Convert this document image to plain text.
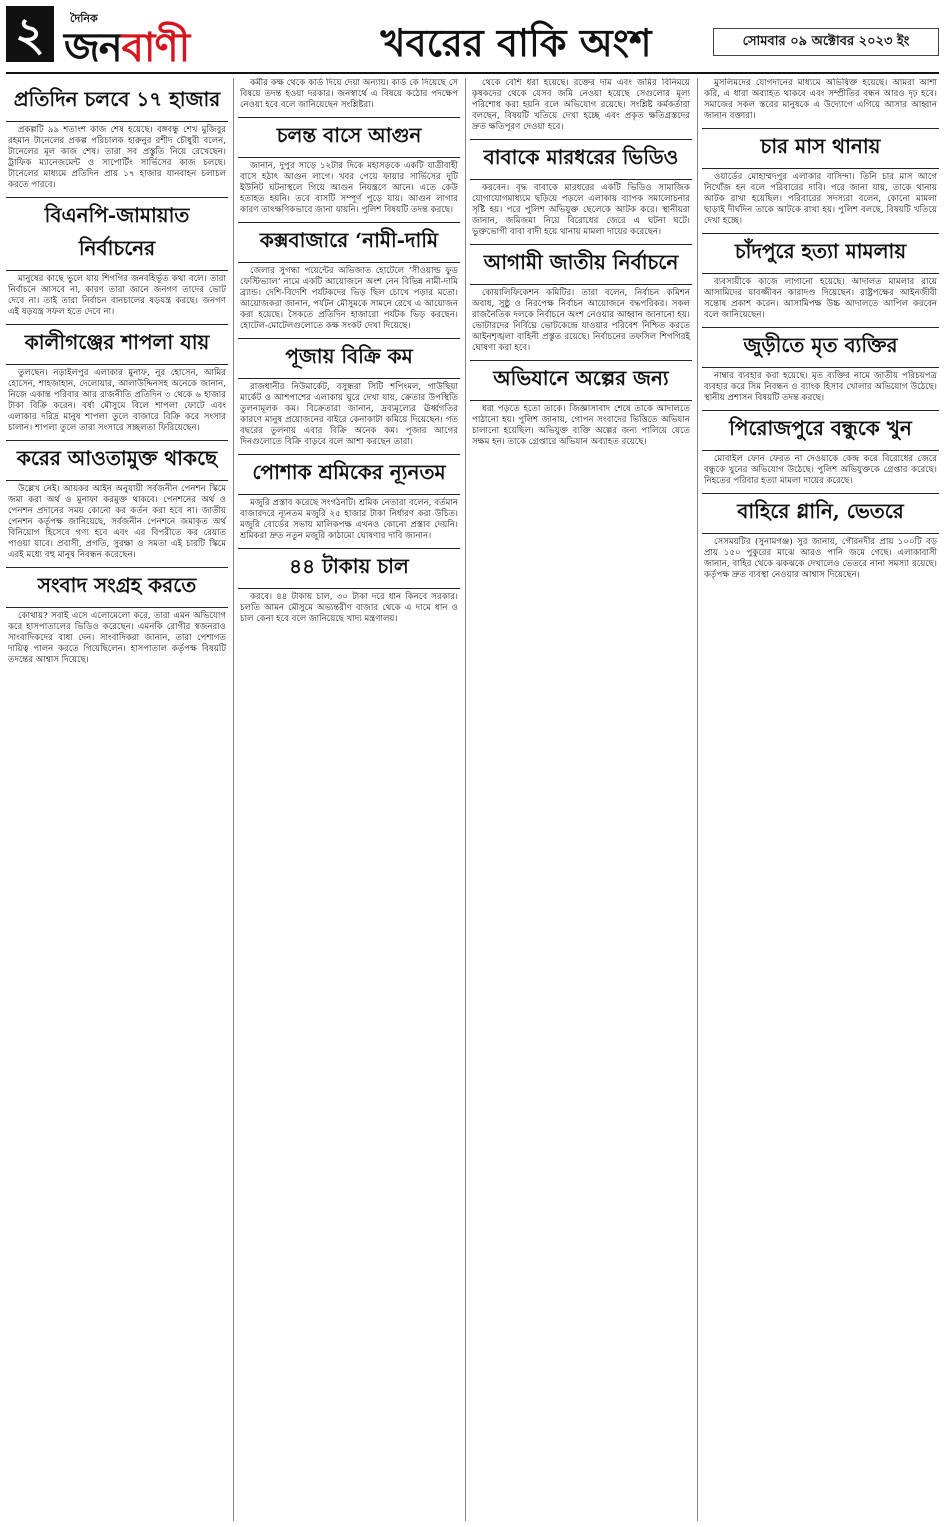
২	দৈনিক
জনবাণী	খবরের বাকি অংশ	সোমবার ০৯ অক্টোবর ২০২৩ ইং
প্রতিদিন চলবে ১৭ হাজার

প্রকল্পটি ৯৯ শতাংশ কাজ শেষ হয়েছে। বঙ্গবন্ধু শেখ মুজিবুর রহমান টানেলের প্রকল্প পরিচালক হারুনুর রশীদ চৌধুরী বলেন, টানেলের মূল কাজ শেষ। তারা সব প্রস্তুতি নিয়ে রেখেছেন। ট্রাফিক ম্যানেজমেন্ট ও সাপোর্টিং সার্ভিসের কাজ চলছে। টানেলের মাধ্যমে প্রতিদিন প্রায় ১৭ হাজার যানবাহন চলাচল করতে পারবে।

বিএনপি-জামায়াত নির্বাচনের

মানুষের কাছে ভুলে যায় শিগগির জনবহির্ভূত কথা বলে। তারা নির্বাচনে আসবে না, কারণ তারা জানে জনগণ তাদের ভোট দেবে না। তাই তারা নির্বাচন বানচালের ষড়যন্ত্র করছে। জনগণ এই ষড়যন্ত্র সফল হতে দেবে না।

কালীগঞ্জের শাপলা যায়

তুলছেন। নড়াইলপুর এলাকার মুনাফ, নুর হোসেন, আমির হোসেন, শাহজাহান, দেলোয়ার, আলাউদ্দিনসহ অনেকে জানান, নিজে একান্ত পরিবার আর রাজনীতি প্রতিদিন ৩ থেকে ৬ হাজার টাকা বিক্রি করেন। বর্ষা মৌসুমে বিলে শাপলা ফোটে এবং এলাকার দরিদ্র মানুষ শাপলা তুলে বাজারে বিক্রি করে সংসার চালান। শাপলা তুলে তারা সংসারে সচ্ছলতা ফিরিয়েছেন।

করের আওতামুক্ত থাকছে

উল্লেখ নেই। আয়কর আইন অনুযায়ী সর্বজনীন পেনশন স্কিমে জমা করা অর্থ ও মুনাফা করমুক্ত থাকবে। পেনশনের অর্থ ও পেনশন প্রদানের সময় কোনো কর কর্তন করা হবে না। জাতীয় পেনশন কর্তৃপক্ষ জানিয়েছে, সর্বজনীন পেনশনে জমাকৃত অর্থ বিনিয়োগ হিসেবে গণ্য হবে এবং এর বিপরীতে কর রেয়াত পাওয়া যাবে। প্রবাসী, প্রগতি, সুরক্ষা ও সমতা এই চারটি স্কিমে এরই মধ্যে বহু মানুষ নিবন্ধন করেছেন।

সংবাদ সংগ্রহ করতে

কোথায়? সবাই এসে এলোমেলো করে, তারা এমন অভিযোগ করে হাসপাতালের ভিডিও করেছেন। এমনকি রোগীর স্বজনরাও সাংবাদিকদের বাধা দেন। সাংবাদিকরা জানান, তারা পেশাগত দায়িত্ব পালন করতে গিয়েছিলেন। হাসপাতাল কর্তৃপক্ষ বিষয়টি তদন্তের আশ্বাস দিয়েছে।

কর্মীর কক্ষ থেকে কার্ড দিয়ে দেয়া অন্যায়। কার্ড কে দিয়েছে সে বিষয়ে তদন্ত হওয়া দরকার। জনস্বার্থে এ বিষয়ে কঠোর পদক্ষেপ নেওয়া হবে বলে জানিয়েছেন সংশ্লিষ্টরা।

চলন্ত বাসে আগুন

জানান, দুপুর সাড়ে ১২টার দিকে মহাসড়কে একটি যাত্রীবাহী বাসে হঠাৎ আগুন লাগে। খবর পেয়ে ফায়ার সার্ভিসের দুটি ইউনিট ঘটনাস্থলে গিয়ে আগুন নিয়ন্ত্রণে আনে। এতে কেউ হতাহত হয়নি। তবে বাসটি সম্পূর্ণ পুড়ে যায়। আগুন লাগার কারণ তাৎক্ষণিকভাবে জানা যায়নি। পুলিশ বিষয়টি তদন্ত করছে।

কক্সবাজারে ‘নামী-দামি

জেলার সুগন্ধা পয়েন্টের অভিজাত হোটেলে ‘সীওয়াল্ড ফুড ফেস্টিভ্যাল’ নামে একটি আয়োজনে অংশ নেন বিভিন্ন নামী-দামি ব্র্যান্ড। দেশি-বিদেশি পর্যটকদের ভিড় ছিল চোখে পড়ার মতো। আয়োজকরা জানান, পর্যটন মৌসুমকে সামনে রেখে এ আয়োজন করা হয়েছে। সৈকতে প্রতিদিন হাজারো পর্যটক ভিড় করছেন। হোটেল-মোটেলগুলোতে কক্ষ সংকট দেখা দিয়েছে।

পূজায় বিক্রি কম

রাজধানীর নিউমার্কেট, বসুন্ধরা সিটি শপিংমল, গাউছিয়া মার্কেট ও আশপাশের এলাকায় ঘুরে দেখা যায়, ক্রেতার উপস্থিতি তুলনামূলক কম। বিক্রেতারা জানান, দ্রব্যমূল্যের ঊর্ধ্বগতির কারণে মানুষ প্রয়োজনের বাইরে কেনাকাটা কমিয়ে দিয়েছেন। গত বছরের তুলনায় এবার বিক্রি অনেক কম। পূজার আগের দিনগুলোতে বিক্রি বাড়বে বলে আশা করছেন তারা।

পোশাক শ্রমিকের ন্যূনতম

মজুরি প্রস্তাব করেছে সংগঠনটি। শ্রমিক নেতারা বলেন, বর্তমান বাজারদরে ন্যূনতম মজুরি ২৫ হাজার টাকা নির্ধারণ করা উচিত। মজুরি বোর্ডের সভায় মালিকপক্ষ এখনও কোনো প্রস্তাব দেয়নি। শ্রমিকরা দ্রুত নতুন মজুরি কাঠামো ঘোষণার দাবি জানান।

৪৪ টাকায় চাল

করবে। ৪৪ টাকায় চাল, ৩০ টাকা দরে ধান কিনবে সরকার। চলতি আমন মৌসুমে অভ্যন্তরীণ বাজার থেকে এ দামে ধান ও চাল কেনা হবে বলে জানিয়েছে খাদ্য মন্ত্রণালয়।

থেকে বেশি ধরা হয়েছে। রক্তের দাম এবং জমির বিনিময়ে কৃষকদের থেকে যেসব জমি নেওয়া হয়েছে সেগুলোর মূল্য পরিশোধ করা হয়নি বলে অভিযোগ রয়েছে। সংশ্লিষ্ট কর্মকর্তারা বলছেন, বিষয়টি খতিয়ে দেখা হচ্ছে এবং প্রকৃত ক্ষতিগ্রস্তদের দ্রুত ক্ষতিপূরণ দেওয়া হবে।

বাবাকে মারধরের ভিডিও

করবেন। বৃদ্ধ বাবাকে মারধরের একটি ভিডিও সামাজিক যোগাযোগমাধ্যমে ছড়িয়ে পড়লে এলাকায় ব্যাপক সমালোচনার সৃষ্টি হয়। পরে পুলিশ অভিযুক্ত ছেলেকে আটক করে। স্থানীয়রা জানান, জমিজমা নিয়ে বিরোধের জেরে এ ঘটনা ঘটে। ভুক্তভোগী বাবা বাদী হয়ে থানায় মামলা দায়ের করেছেন।

আগামী জাতীয় নির্বাচনে

কোয়ালিফিকেশন কমিটির। তারা বলেন, নির্বাচন কমিশন অবাধ, সুষ্ঠু ও নিরপেক্ষ নির্বাচন আয়োজনে বদ্ধপরিকর। সকল রাজনৈতিক দলকে নির্বাচনে অংশ নেওয়ার আহ্বান জানানো হয়। ভোটারদের নির্বিঘ্নে ভোটকেন্দ্রে যাওয়ার পরিবেশ নিশ্চিত করতে আইনশৃঙ্খলা বাহিনী প্রস্তুত রয়েছে। নির্বাচনের তফসিল শিগগিরই ঘোষণা করা হবে।

অভিযানে অল্পের জন্য

ধরা পড়তে হতো তাকে। জিজ্ঞাসাবাদ শেষে তাকে আদালতে পাঠানো হয়। পুলিশ জানায়, গোপন সংবাদের ভিত্তিতে অভিযান চালানো হয়েছিল। অভিযুক্ত ব্যক্তি অল্পের জন্য পালিয়ে যেতে সক্ষম হন। তাকে গ্রেপ্তারে অভিযান অব্যাহত রয়েছে।

মুসলিমদের যোগদানের মাধ্যমে অভিষিক্ত হয়েছে। আমরা আশা করি, এ ধারা অব্যাহত থাকবে এবং সম্প্রীতির বন্ধন আরও দৃঢ় হবে। সমাজের সকল স্তরের মানুষকে এ উদ্যোগে এগিয়ে আসার আহ্বান জানান বক্তারা।

চার মাস থানায়

ওয়ার্ডের মোহাম্মদপুর এলাকার বাসিন্দা। তিনি চার মাস আগে নিখোঁজ হন বলে পরিবারের দাবি। পরে জানা যায়, তাকে থানায় আটক রাখা হয়েছিল। পরিবারের সদস্যরা বলেন, কোনো মামলা ছাড়াই দীর্ঘদিন তাকে আটকে রাখা হয়। পুলিশ বলছে, বিষয়টি খতিয়ে দেখা হচ্ছে।

চাঁদপুরে হত্যা মামলায়

ব্যবসায়ীকে কাজে লাগানো হয়েছে। আদালত মামলার রায়ে আসামিদের যাবজ্জীবন কারাদণ্ড দিয়েছেন। রাষ্ট্রপক্ষের আইনজীবী সন্তোষ প্রকাশ করেন। আসামিপক্ষ উচ্চ আদালতে আপিল করবেন বলে জানিয়েছেন।

জুড়ীতে মৃত ব্যক্তির

নাম্বার ব্যবহার করা হয়েছে। মৃত ব্যক্তির নামে জাতীয় পরিচয়পত্র ব্যবহার করে সিম নিবন্ধন ও ব্যাংক হিসাব খোলার অভিযোগ উঠেছে। স্থানীয় প্রশাসন বিষয়টি তদন্ত করছে।

পিরোজপুরে বন্ধুকে খুন

মোবাইল ফোন ফেরত না দেওয়াকে কেন্দ্র করে বিরোধের জেরে বন্ধুকে খুনের অভিযোগ উঠেছে। পুলিশ অভিযুক্তকে গ্রেপ্তার করেছে। নিহতের পরিবার হত্যা মামলা দায়ের করেছে।

বাহিরে গ্লানি, ভেতরে

সেসময়টির (সুনামগঞ্জ) সুর জানায়, গৌরনদীর প্রায় ১০০টি বড় প্রায় ১৫০ পুকুরের মাঝে আরও পানি জমে গেছে। এলাকাবাসী জানান, বাহির থেকে ঝকঝকে দেখালেও ভেতরে নানা সমস্যা রয়েছে। কর্তৃপক্ষ দ্রুত ব্যবস্থা নেওয়ার আশ্বাস দিয়েছেন।
